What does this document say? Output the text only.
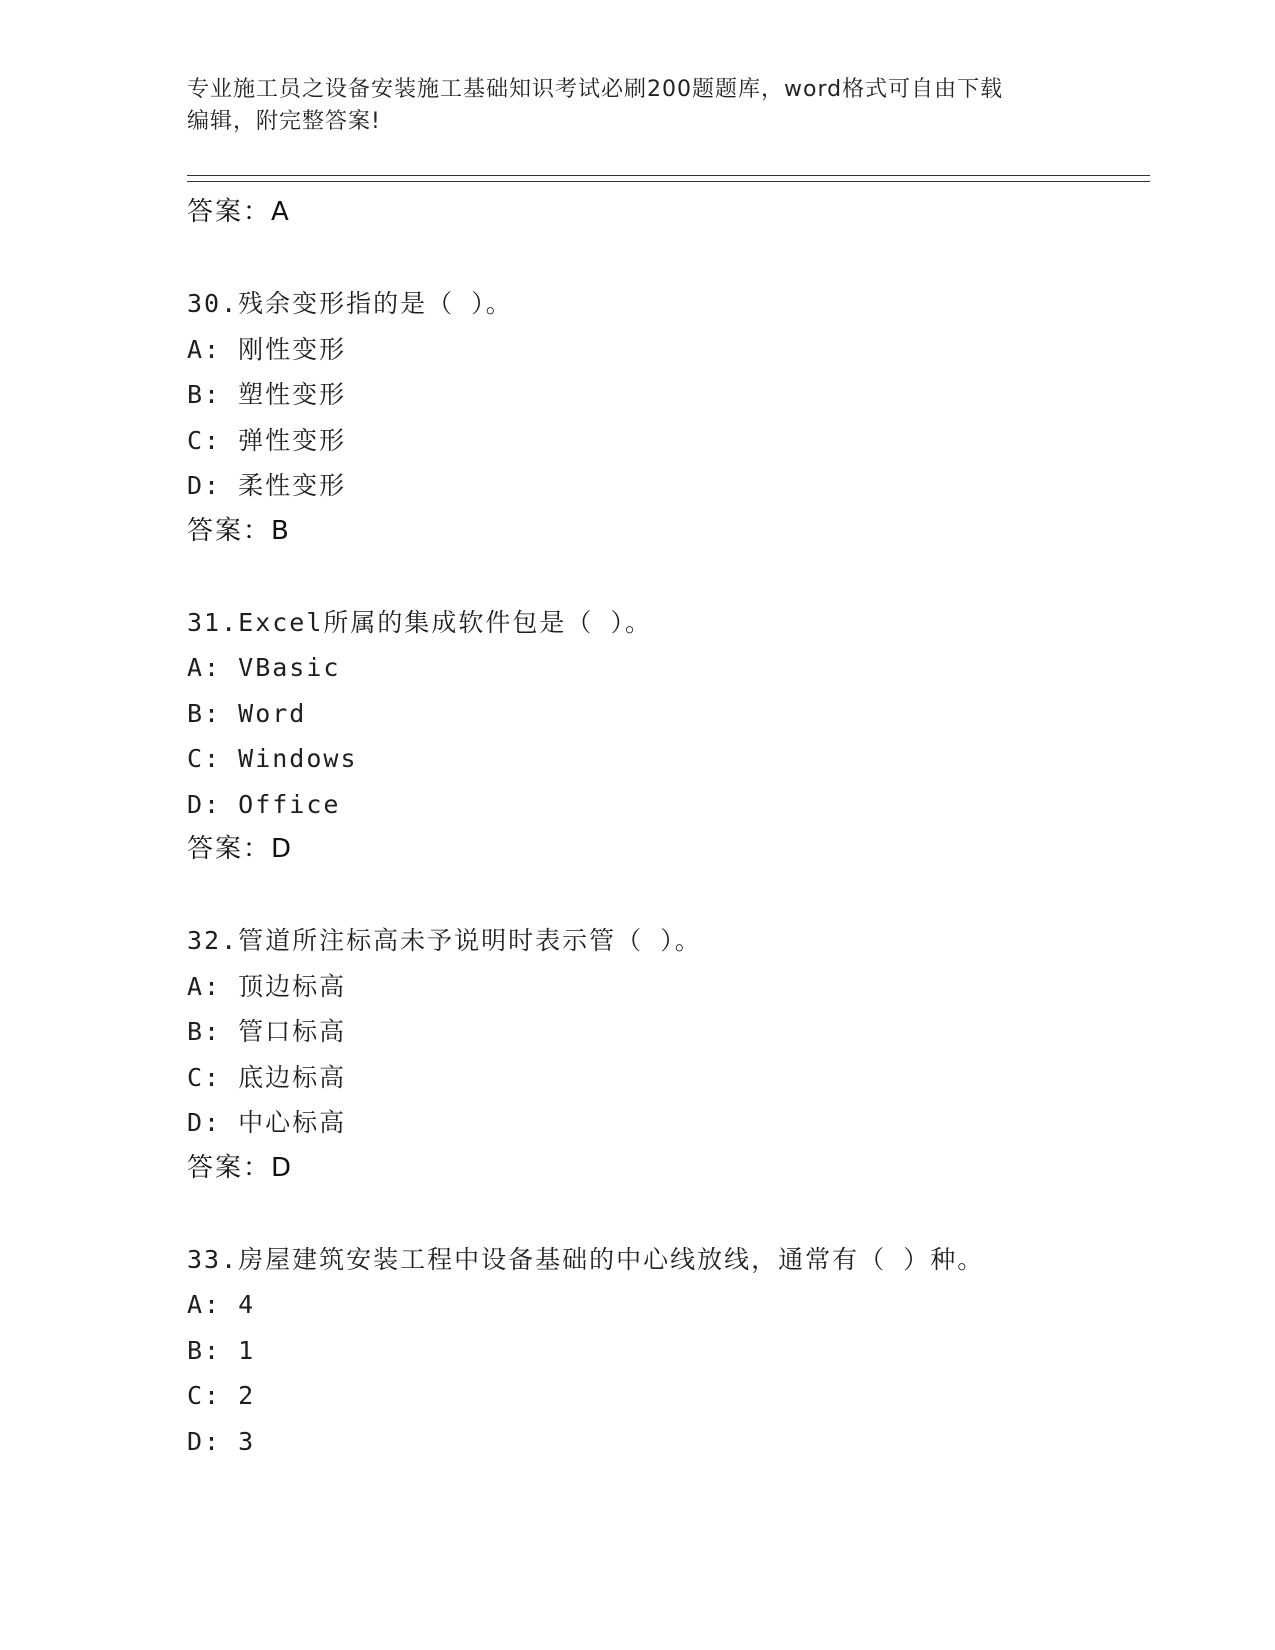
专业施工员之设备安装施工基础知识考试必刷200题题库，word格式可自由下载
编辑，附完整答案!
答案：A
30.残余变形指的是（ ）。
A: 刚性变形
B: 塑性变形
C: 弹性变形
D: 柔性变形
答案：B
31.Excel所属的集成软件包是（ ）。
A: VBasic
B: Word
C: Windows
D: Office
答案：D
32.管道所注标高未予说明时表示管（ ）。
A: 顶边标高
B: 管口标高
C: 底边标高
D: 中心标高
答案：D
33.房屋建筑安装工程中设备基础的中心线放线，通常有（ ）种。
A: 4
B: 1
C: 2
D: 3
